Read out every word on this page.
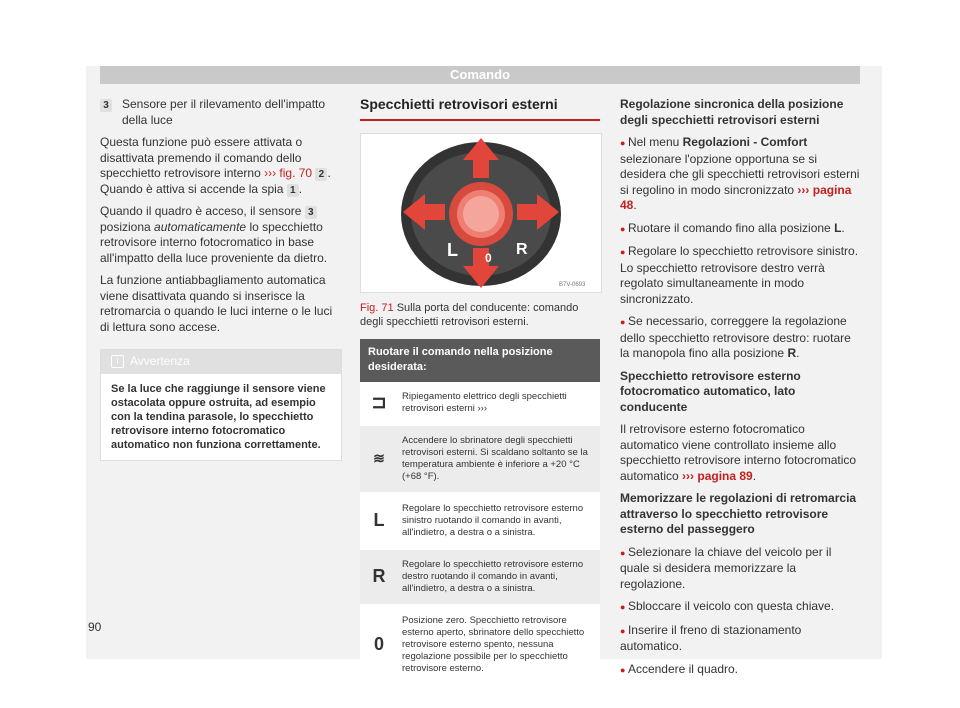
Comando

3 Sensore per il rilevamento dell'impatto della luce

Questa funzione può essere attivata o disattivata premendo il comando dello specchietto retrovisore interno ››› fig. 70 2 . Quando è attiva si accende la spia 1 .

Quando il quadro è acceso, il sensore 3 posiziona automaticamente lo specchietto retrovisore interno fotocromatico in base all'impatto della luce proveniente da dietro.

La funzione antiabbagliamento automatica viene disattivata quando si inserisce la retromarcia o quando le luci interne o le luci di lettura sono accese.

i Avvertenza
Se la luce che raggiunge il sensore viene ostacolata oppure ostruita, ad esempio con la tendina parasole, lo specchietto retrovisore interno fotocromatico automatico non funziona correttamente.
Specchietti retrovisori esterni
L	R
0
B7V-0693
Fig. 71 Sulla porta del conducente: comando degli specchietti retrovisori esterni.
Ruotare il comando nella posizione desiderata:
⊐	Ripiegamento elettrico degli specchietti retrovisori esterni ›››
≋
Accendere lo sbrinatore degli specchietti retrovisori esterni. Si scaldano soltanto se la temperatura ambiente è inferiore a +20 °C (+68 °F).
L
Regolare lo specchietto retrovisore esterno sinistro ruotando il comando in avanti, all'indietro, a destra o a sinistra.
R
Regolare lo specchietto retrovisore esterno destro ruotando il comando in avanti, all'indietro, a destra o a sinistra.
0
Posizione zero. Specchietto retrovisore esterno aperto, sbrinatore dello specchietto retrovisore esterno spento, nessuna regolazione possibile per lo specchietto retrovisore esterno.

Regolazione sincronica della posizione degli specchietti retrovisori esterni

● Nel menu Regolazioni - Comfort selezionare l'opzione opportuna se si desidera che gli specchietti retrovisori esterni si regolino in modo sincronizzato ››› pagina 48.

● Ruotare il comando fino alla posizione L.

● Regolare lo specchietto retrovisore sinistro. Lo specchietto retrovisore destro verrà regolato simultaneamente in modo sincronizzato.

● Se necessario, correggere la regolazione dello specchietto retrovisore destro: ruotare la manopola fino alla posizione R.

Specchietto retrovisore esterno fotocromatico automatico, lato conducente

Il retrovisore esterno fotocromatico automatico viene controllato insieme allo specchietto retrovisore interno fotocromatico automatico ››› pagina 89.

Memorizzare le regolazioni di retromarcia attraverso lo specchietto retrovisore esterno del passeggero

● Selezionare la chiave del veicolo per il quale si desidera memorizzare la regolazione.

● Sbloccare il veicolo con questa chiave.

● Inserire il freno di stazionamento automatico.

● Accendere il quadro.

90
